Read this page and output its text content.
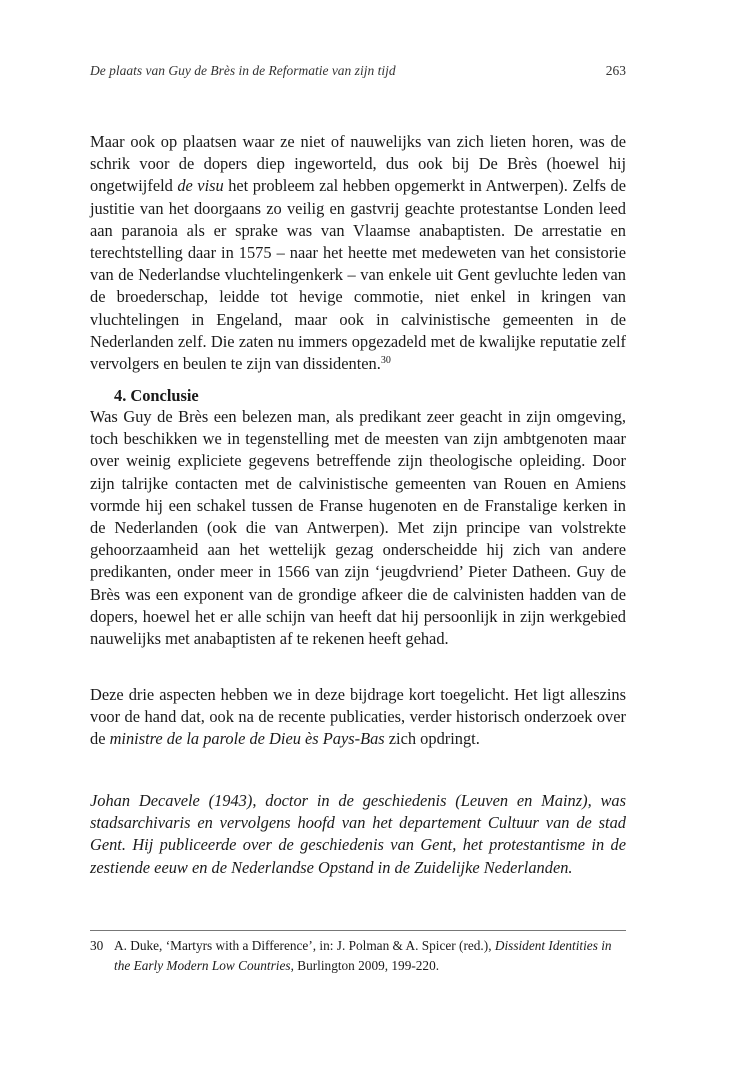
De plaats van Guy de Brès in de Reformatie van zijn tijd	263

Maar ook op plaatsen waar ze niet of nauwelijks van zich lieten horen, was de schrik voor de dopers diep ingeworteld, dus ook bij De Brès (hoewel hij ongetwijfeld de visu het probleem zal hebben opgemerkt in Antwerpen). Zelfs de justitie van het doorgaans zo veilig en gastvrij geachte protestantse Londen leed aan paranoia als er sprake was van Vlaamse anabaptisten. De arrestatie en terechtstelling daar in 1575 – naar het heette met medeweten van het consistorie van de Nederlandse vluchtelingenkerk – van enkele uit Gent gevluchte leden van de broederschap, leidde tot hevige commotie, niet enkel in kringen van vluchtelingen in Engeland, maar ook in calvinistische gemeenten in de Nederlanden zelf. Die zaten nu immers opgezadeld met de kwalijke reputatie zelf vervolgers en beulen te zijn van dissidenten.$^{30}$

4. Conclusie

Was Guy de Brès een belezen man, als predikant zeer geacht in zijn omgeving, toch beschikken we in tegenstelling met de meesten van zijn ambtgenoten maar over weinig expliciete gegevens betreffende zijn theologische opleiding. Door zijn talrijke contacten met de calvinistische gemeenten van Rouen en Amiens vormde hij een schakel tussen de Franse hugenoten en de Franstalige kerken in de Nederlanden (ook die van Antwerpen). Met zijn principe van volstrekte gehoorzaamheid aan het wettelijk gezag onderscheidde hij zich van andere predikanten, onder meer in 1566 van zijn ‘jeugdvriend’ Pieter Datheen. Guy de Brès was een exponent van de grondige afkeer die de calvinisten hadden van de dopers, hoewel het er alle schijn van heeft dat hij persoonlijk in zijn werkgebied nauwelijks met anabaptisten af te rekenen heeft gehad.

Deze drie aspecten hebben we in deze bijdrage kort toegelicht. Het ligt alleszins voor de hand dat, ook na de recente publicaties, verder historisch onderzoek over de ministre de la parole de Dieu ès Pays-Bas zich opdringt.

Johan Decavele (1943), doctor in de geschiedenis (Leuven en Mainz), was stadsarchivaris en vervolgens hoofd van het departement Cultuur van de stad Gent. Hij publiceerde over de geschiedenis van Gent, het protestantisme in de zestiende eeuw en de Nederlandse Opstand in de Zuidelijke Nederlanden.

30 A. Duke, ‘Martyrs with a Difference’, in: J. Polman & A. Spicer (red.), Dissident Identities in the Early Modern Low Countries, Burlington 2009, 199-220.
